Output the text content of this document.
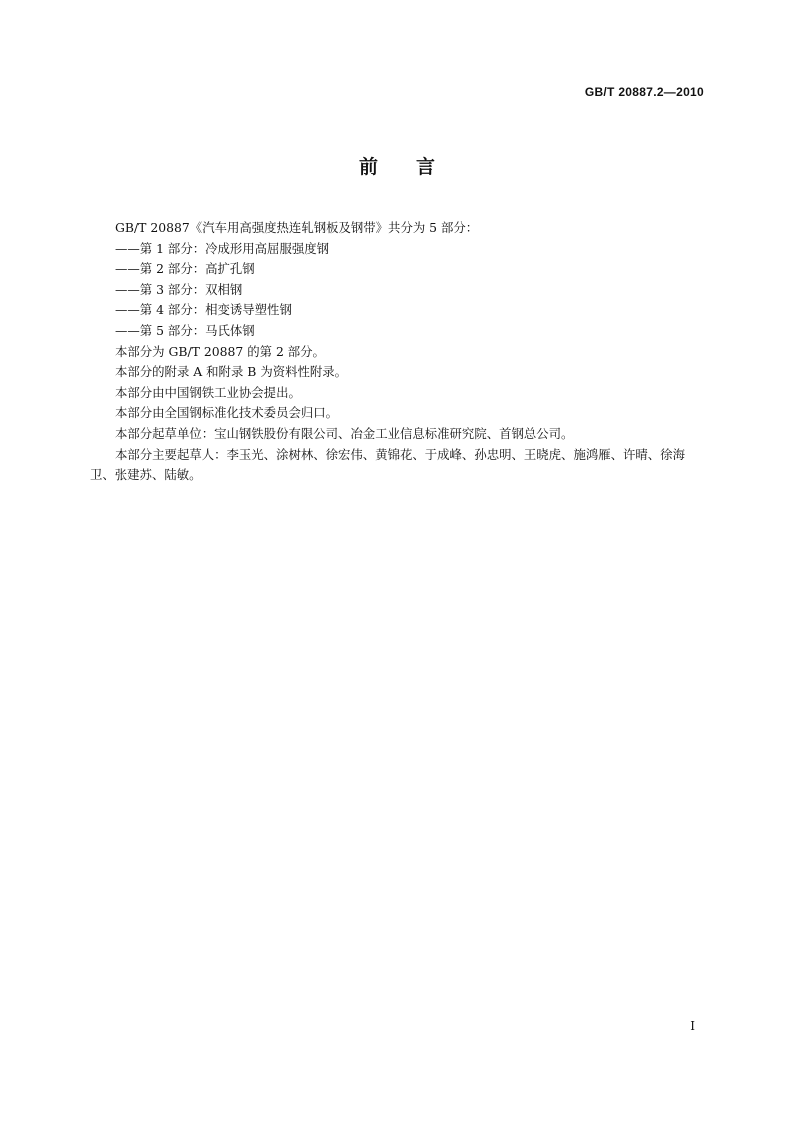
GB/T 20887.2—2010
前言

GB/T 20887《汽车用高强度热连轧钢板及钢带》共分为 5 部分：

——第 1 部分：冷成形用高屈服强度钢

——第 2 部分：高扩孔钢

——第 3 部分：双相钢

——第 4 部分：相变诱导塑性钢

——第 5 部分：马氏体钢

本部分为 GB/T 20887 的第 2 部分。

本部分的附录 A 和附录 B 为资料性附录。

本部分由中国钢铁工业协会提出。

本部分由全国钢标准化技术委员会归口。

本部分起草单位：宝山钢铁股份有限公司、冶金工业信息标准研究院、首钢总公司。

本部分主要起草人：李玉光、涂树林、徐宏伟、黄锦花、于成峰、孙忠明、王晓虎、施鸿雁、许晴、徐海卫、张建苏、陆敏。

I
